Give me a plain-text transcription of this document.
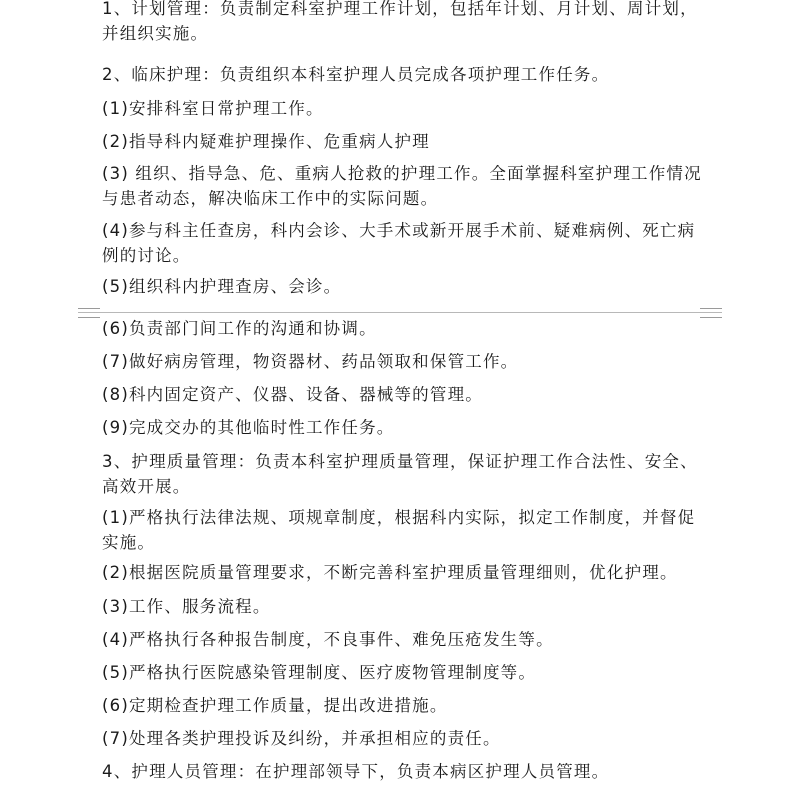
1、计划管理：负责制定科室护理工作计划，包括年计划、月计划、周计划，并组织实施。

2、临床护理：负责组织本科室护理人员完成各项护理工作任务。

(1)安排科室日常护理工作。

(2)指导科内疑难护理操作、危重病人护理

(3) 组织、指导急、危、重病人抢救的护理工作。全面掌握科室护理工作情况与患者动态，解决临床工作中的实际问题。

(4)参与科主任查房，科内会诊、大手术或新开展手术前、疑难病例、死亡病例的讨论。

(5)组织科内护理查房、会诊。

(6)负责部门间工作的沟通和协调。

(7)做好病房管理，物资器材、药品领取和保管工作。

(8)科内固定资产、仪器、设备、器械等的管理。

(9)完成交办的其他临时性工作任务。

3、护理质量管理：负责本科室护理质量管理，保证护理工作合法性、安全、高效开展。

(1)严格执行法律法规、项规章制度，根据科内实际，拟定工作制度，并督促实施。

(2)根据医院质量管理要求，不断完善科室护理质量管理细则，优化护理。

(3)工作、服务流程。

(4)严格执行各种报告制度，不良事件、难免压疮发生等。

(5)严格执行医院感染管理制度、医疗废物管理制度等。

(6)定期检查护理工作质量，提出改进措施。

(7)处理各类护理投诉及纠纷，并承担相应的责任。

4、护理人员管理：在护理部领导下，负责本病区护理人员管理。
